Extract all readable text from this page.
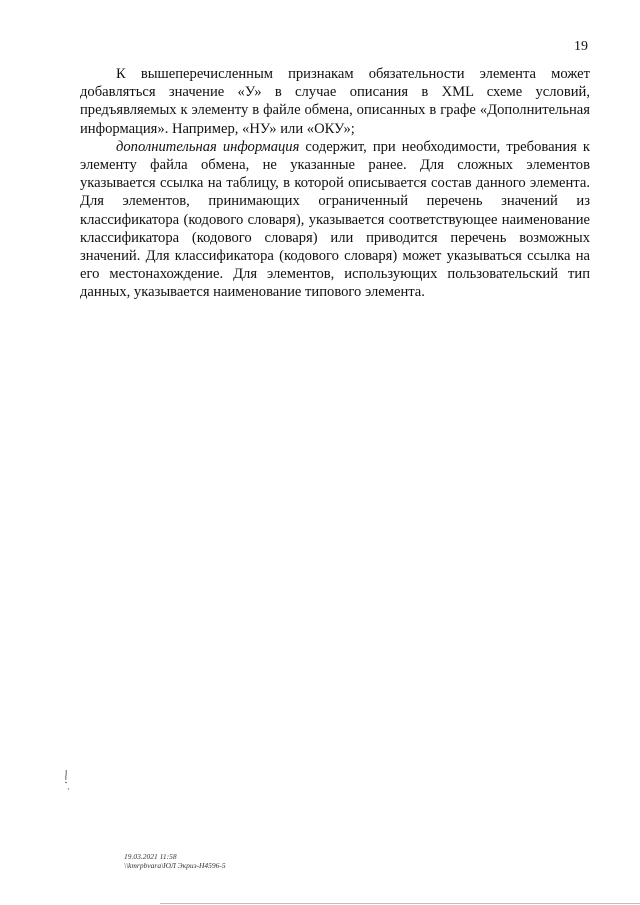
19

К вышеперечисленным признакам обязательности элемента может добавляться значение «У» в случае описания в XML схеме условий, предъявляемых к элементу в файле обмена, описанных в графе «Дополнительная информация». Например, «НУ» или «ОКУ»;

дополнительная информация содержит, при необходимости, требования к элементу файла обмена, не указанные ранее. Для сложных элементов указывается ссылка на таблицу, в которой описывается состав данного элемента. Для элементов, принимающих ограниченный перечень значений из классификатора (кодового словаря), указывается соответствующее наименование классификатора (кодового словаря) или приводится перечень возможных значений. Для классификатора (кодового словаря) может указываться ссылка на его местонахождение. Для элементов, использующих пользовательский тип данных, указывается наименование типового элемента.

19.03.2021 11:58
\\kmrpbvara\ЮЛ Экриз-Н4596-5
